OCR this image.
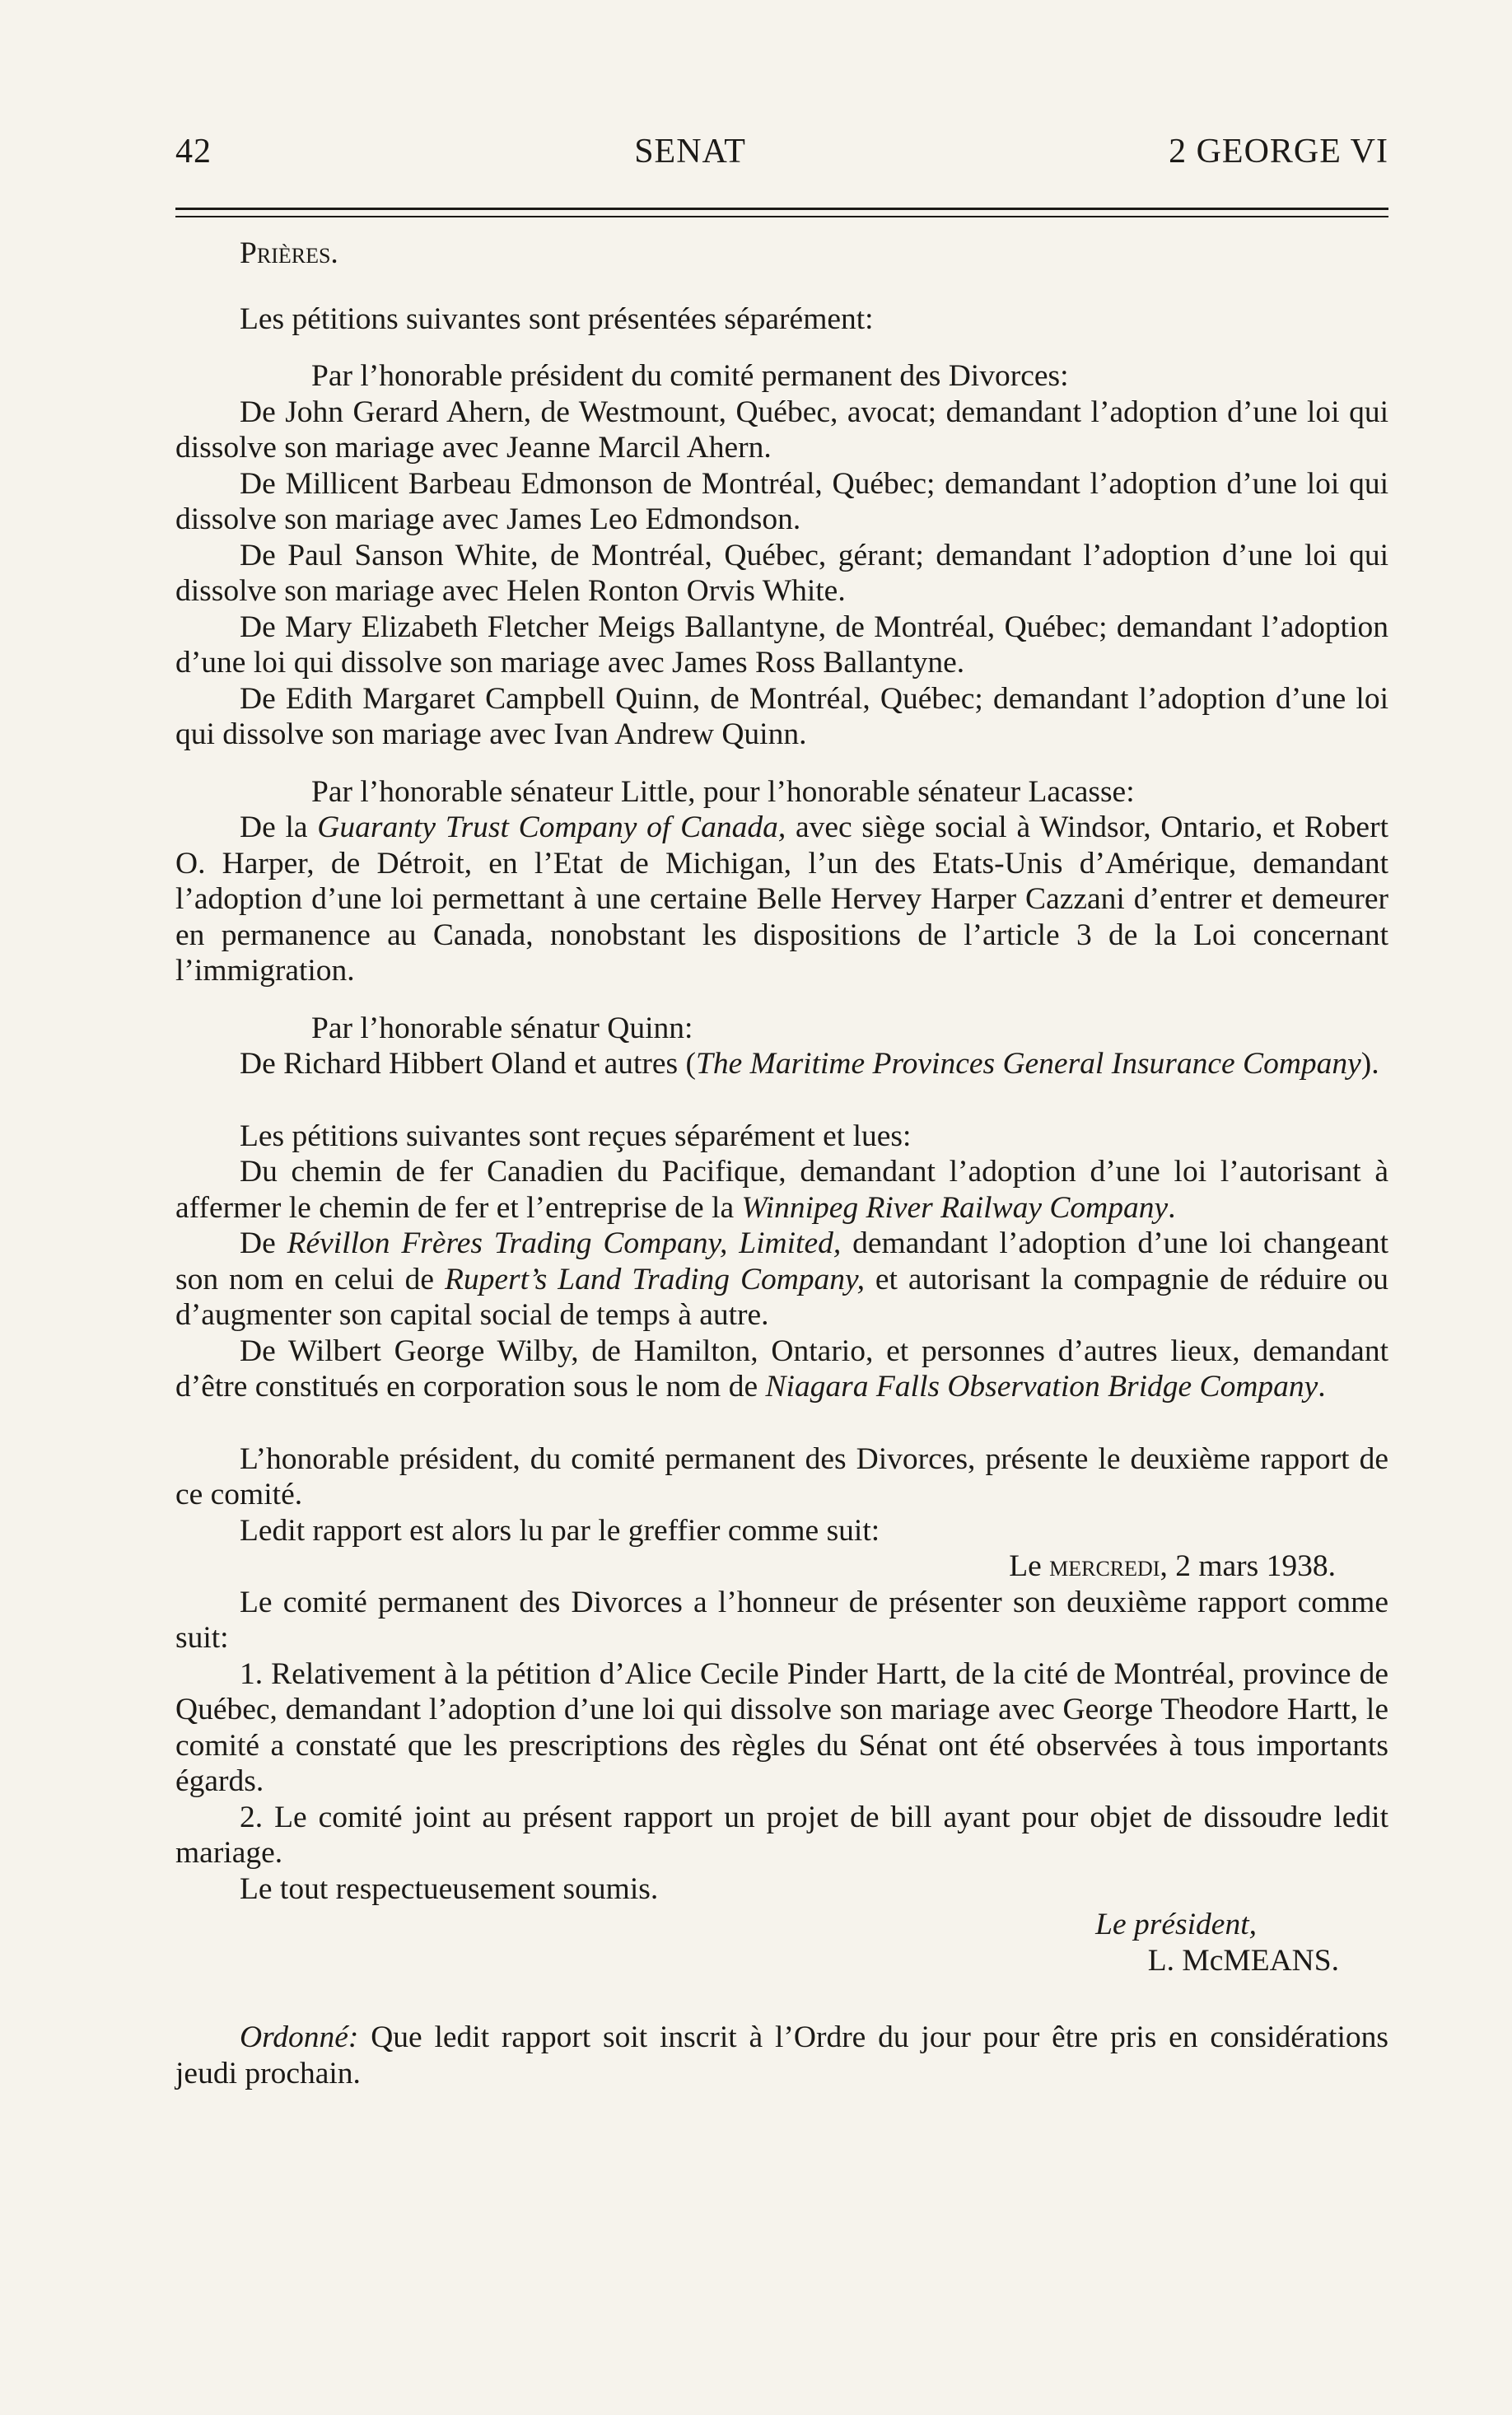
42	SENAT	2 GEORGE VI

Prières.

Les pétitions suivantes sont présentées séparément:

Par l’honorable président du comité permanent des Divorces:

De John Gerard Ahern, de Westmount, Québec, avocat; demandant l’adoption d’une loi qui dissolve son mariage avec Jeanne Marcil Ahern.

De Millicent Barbeau Edmonson de Montréal, Québec; demandant l’adoption d’une loi qui dissolve son mariage avec James Leo Edmondson.

De Paul Sanson White, de Montréal, Québec, gérant; demandant l’adoption d’une loi qui dissolve son mariage avec Helen Ronton Orvis White.

De Mary Elizabeth Fletcher Meigs Ballantyne, de Montréal, Québec; demandant l’adoption d’une loi qui dissolve son mariage avec James Ross Ballantyne.

De Edith Margaret Campbell Quinn, de Montréal, Québec; demandant l’adoption d’une loi qui dissolve son mariage avec Ivan Andrew Quinn.

Par l’honorable sénateur Little, pour l’honorable sénateur Lacasse:

De la Guaranty Trust Company of Canada, avec siège social à Windsor, Ontario, et Robert O. Harper, de Détroit, en l’Etat de Michigan, l’un des Etats-Unis d’Amérique, demandant l’adoption d’une loi permettant à une certaine Belle Hervey Harper Cazzani d’entrer et demeurer en permanence au Canada, nonobstant les dispositions de l’article 3 de la Loi concernant l’immigration.

Par l’honorable sénatur Quinn:

De Richard Hibbert Oland et autres (The Maritime Provinces General Insurance Company).

Les pétitions suivantes sont reçues séparément et lues:

Du chemin de fer Canadien du Pacifique, demandant l’adoption d’une loi l’autorisant à affermer le chemin de fer et l’entreprise de la Winnipeg River Railway Company.

De Révillon Frères Trading Company, Limited, demandant l’adoption d’une loi changeant son nom en celui de Rupert’s Land Trading Company, et autorisant la compagnie de réduire ou d’augmenter son capital social de temps à autre.

De Wilbert George Wilby, de Hamilton, Ontario, et personnes d’autres lieux, demandant d’être constitués en corporation sous le nom de Niagara Falls Observation Bridge Company.

L’honorable président, du comité permanent des Divorces, présente le deuxième rapport de ce comité.

Ledit rapport est alors lu par le greffier comme suit:

Le mercredi, 2 mars 1938.

Le comité permanent des Divorces a l’honneur de présenter son deuxième rapport comme suit:

1. Relativement à la pétition d’Alice Cecile Pinder Hartt, de la cité de Montréal, province de Québec, demandant l’adoption d’une loi qui dissolve son mariage avec George Theodore Hartt, le comité a constaté que les prescriptions des règles du Sénat ont été observées à tous importants égards.

2. Le comité joint au présent rapport un projet de bill ayant pour objet de dissoudre ledit mariage.

Le tout respectueusement soumis.

Le président,

L. McMEANS.

Ordonné: Que ledit rapport soit inscrit à l’Ordre du jour pour être pris en considérations jeudi prochain.
